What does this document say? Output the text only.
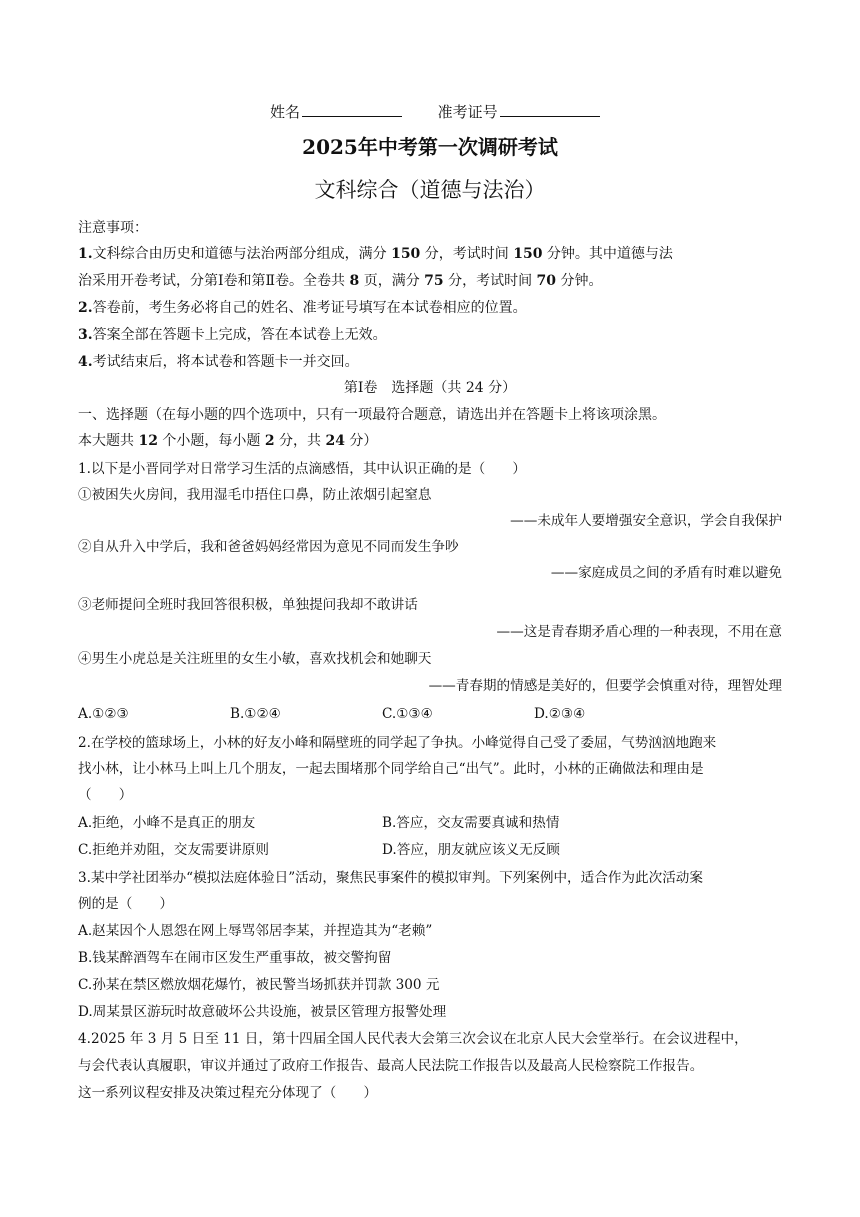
姓名	准考证号
2025年中考第一次调研考试
文科综合（道德与法治）
注意事项：
1.文科综合由历史和道德与法治两部分组成，满分 150 分，考试时间 150 分钟。其中道德与法
治采用开卷考试，分第Ⅰ卷和第Ⅱ卷。全卷共 8 页，满分 75 分，考试时间 70 分钟。
2.答卷前，考生务必将自己的姓名、准考证号填写在本试卷相应的位置。
3.答案全部在答题卡上完成，答在本试卷上无效。
4.考试结束后，将本试卷和答题卡一并交回。
第Ⅰ卷　选择题（共 24 分）
一、选择题（在每小题的四个选项中，只有一项最符合题意，请选出并在答题卡上将该项涂黑。
本大题共 12 个小题，每小题 2 分，共 24 分）
1.以下是小晋同学对日常学习生活的点滴感悟，其中认识正确的是（　　）
①被困失火房间，我用湿毛巾捂住口鼻，防止浓烟引起窒息
——未成年人要增强安全意识，学会自我保护
②自从升入中学后，我和爸爸妈妈经常因为意见不同而发生争吵
——家庭成员之间的矛盾有时难以避免
③老师提问全班时我回答很积极，单独提问我却不敢讲话
——这是青春期矛盾心理的一种表现，不用在意
④男生小虎总是关注班里的女生小敏，喜欢找机会和她聊天
——青春期的情感是美好的，但要学会慎重对待，理智处理
A.①②③	B.①②④	C.①③④	D.②③④
2.在学校的篮球场上，小林的好友小峰和隔壁班的同学起了争执。小峰觉得自己受了委屈，气势汹汹地跑来
找小林，让小林马上叫上几个朋友，一起去围堵那个同学给自己“出气”。此时，小林的正确做法和理由是
（　　）
A.拒绝，小峰不是真正的朋友	B.答应，交友需要真诚和热情
C.拒绝并劝阻，交友需要讲原则	D.答应，朋友就应该义无反顾
3.某中学社团举办“模拟法庭体验日”活动，聚焦民事案件的模拟审判。下列案例中，适合作为此次活动案
例的是（　　）
A.赵某因个人恩怨在网上辱骂邻居李某，并捏造其为“老赖”
B.钱某醉酒驾车在闹市区发生严重事故，被交警拘留
C.孙某在禁区燃放烟花爆竹，被民警当场抓获并罚款 300 元
D.周某景区游玩时故意破坏公共设施，被景区管理方报警处理
4.2025 年 3 月 5 日至 11 日，第十四届全国人民代表大会第三次会议在北京人民大会堂举行。在会议进程中，
与会代表认真履职，审议并通过了政府工作报告、最高人民法院工作报告以及最高人民检察院工作报告。
这一系列议程安排及决策过程充分体现了（　　）
